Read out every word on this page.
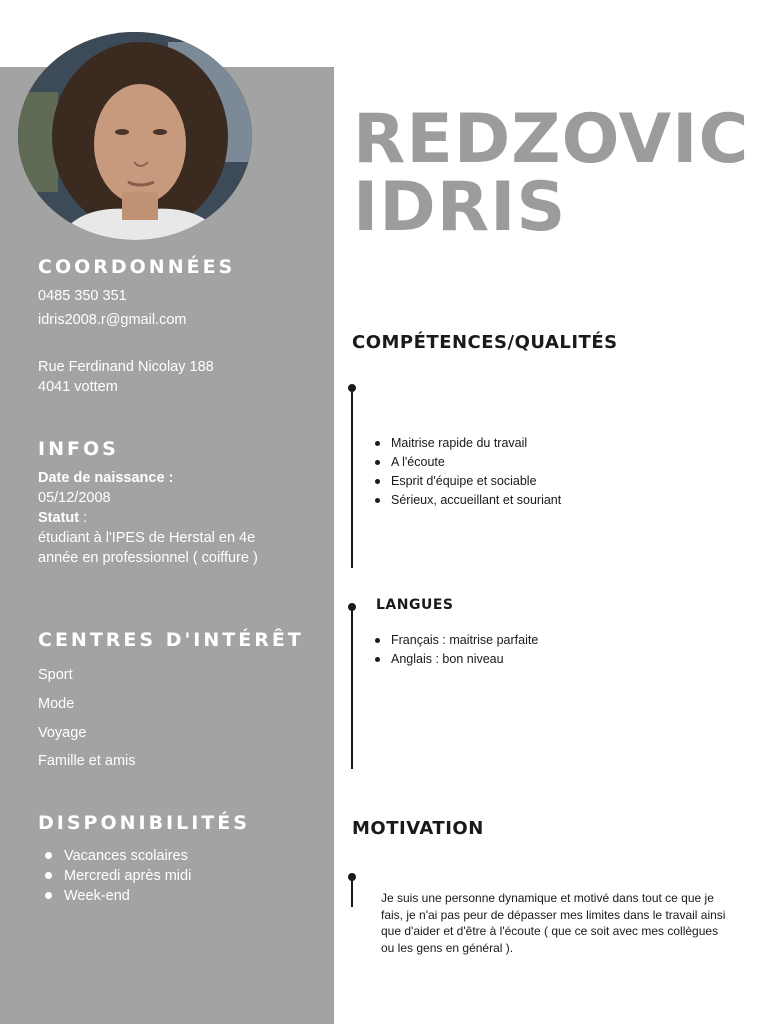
COORDONNÉES

0485 350 351

idris2008.r@gmail.com

Rue Ferdinand Nicolay 188

4041 vottem

INFOS

Date de naissance :

05/12/2008

Statut :

étudiant à l'IPES de Herstal en 4e année en professionnel ( coiffure )

CENTRES D'INTÉRÊT

Sport

Mode

Voyage

Famille et amis

DISPONIBILITÉS
Vacances scolaires
Mercredi après midi
Week-end
REDZOVIC
IDRIS
COMPÉTENCES/QUALITÉS
Maitrise rapide du travail
A l'écoute
Esprit d'équipe et sociable
Sérieux, accueillant et souriant
LANGUES
Français : maitrise parfaite
Anglais : bon niveau
MOTIVATION

Je suis une personne dynamique et motivé dans tout ce que je fais, je n'ai pas peur de dépasser mes limites dans le travail ainsi que d'aider et d'être à l'écoute ( que ce soit avec mes collègues ou les gens en général ).
